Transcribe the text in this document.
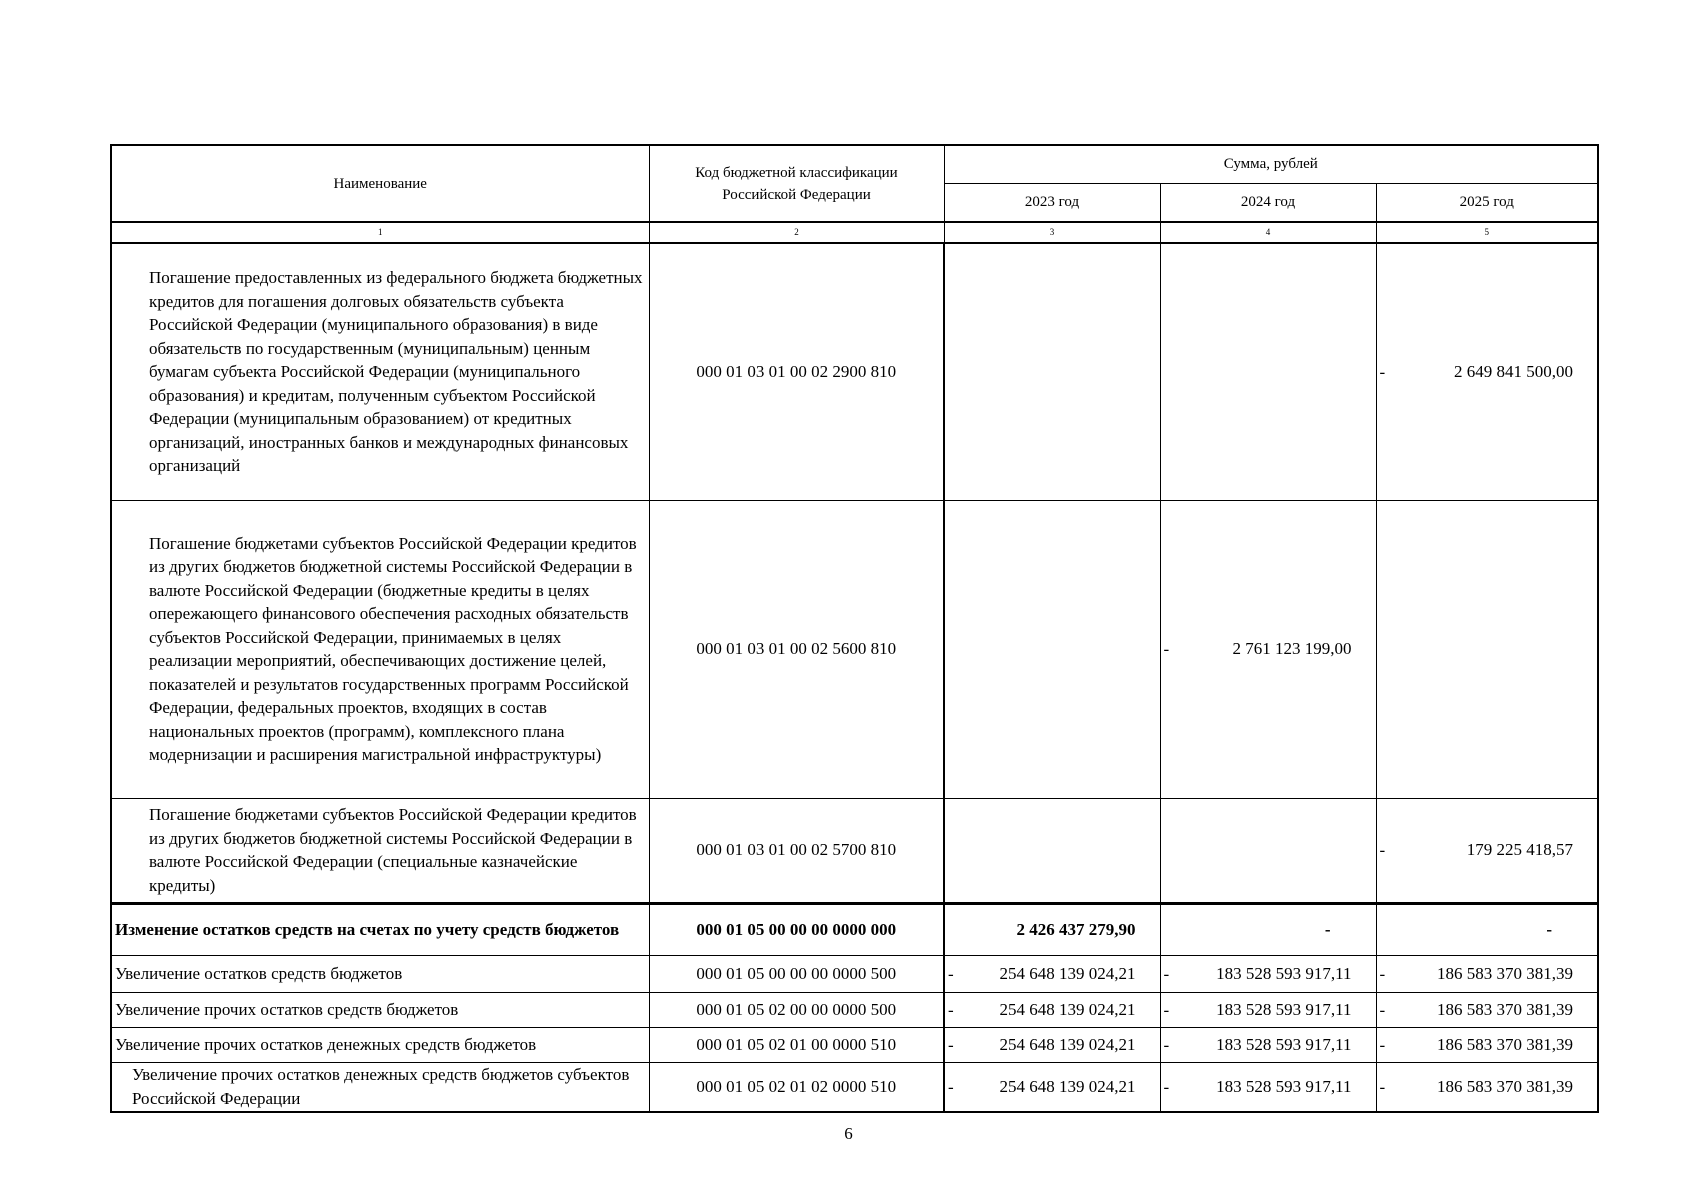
Наименование	Код бюджетной классификации Российской Федерации	Сумма, рублей		
		2023 год	2024 год	2025 год
1	2	3	4	5
Погашение предоставленных из федерального бюджета бюджетных кредитов для погашения долговых обязательств субъекта Российской Федерации (муниципального образования) в виде обязательств по государственным (муниципальным) ценным бумагам субъекта Российской Федерации (муниципального образования) и кредитам, полученным субъектом Российской Федерации (муниципальным образованием) от кредитных организаций, иностранных банков и международных финансовых организаций	000 01 03 01 00 02 2900 810			- 2 649 841 500,00
Погашение бюджетами субъектов Российской Федерации кредитов из других бюджетов бюджетной системы Российской Федерации в валюте Российской Федерации (бюджетные кредиты в целях опережающего финансового обеспечения расходных обязательств субъектов Российской Федерации, принимаемых в целях реализации мероприятий, обеспечивающих достижение целей, показателей и результатов государственных программ Российской Федерации, федеральных проектов, входящих в состав национальных проектов (программ), комплексного плана модернизации и расширения магистральной инфраструктуры)	000 01 03 01 00 02 5600 810		- 2 761 123 199,00	

Погашение бюджетами субъектов Российской Федерации кредитов из других бюджетов бюджетной системы Российской Федерации в валюте Российской Федерации (специальные казначейские кредиты)	000 01 03 01 00 02 5700 810			- 179 225 418,57
Изменение остатков средств на счетах по учету средств бюджетов	000 01 05 00 00 00 0000 000	2 426 437 279,90	-	-
Увеличение остатков средств бюджетов	000 01 05 00 00 00 0000 500	- 254 648 139 024,21	- 183 528 593 917,11	- 186 583 370 381,39
Увеличение прочих остатков средств бюджетов	000 01 05 02 00 00 0000 500	- 254 648 139 024,21	- 183 528 593 917,11	- 186 583 370 381,39
Увеличение прочих остатков денежных средств бюджетов	000 01 05 02 01 00 0000 510	- 254 648 139 024,21	- 183 528 593 917,11	- 186 583 370 381,39
Увеличение прочих остатков денежных средств бюджетов субъектов Российской Федерации	000 01 05 02 01 02 0000 510	- 254 648 139 024,21	- 183 528 593 917,11	- 186 583 370 381,39
6
